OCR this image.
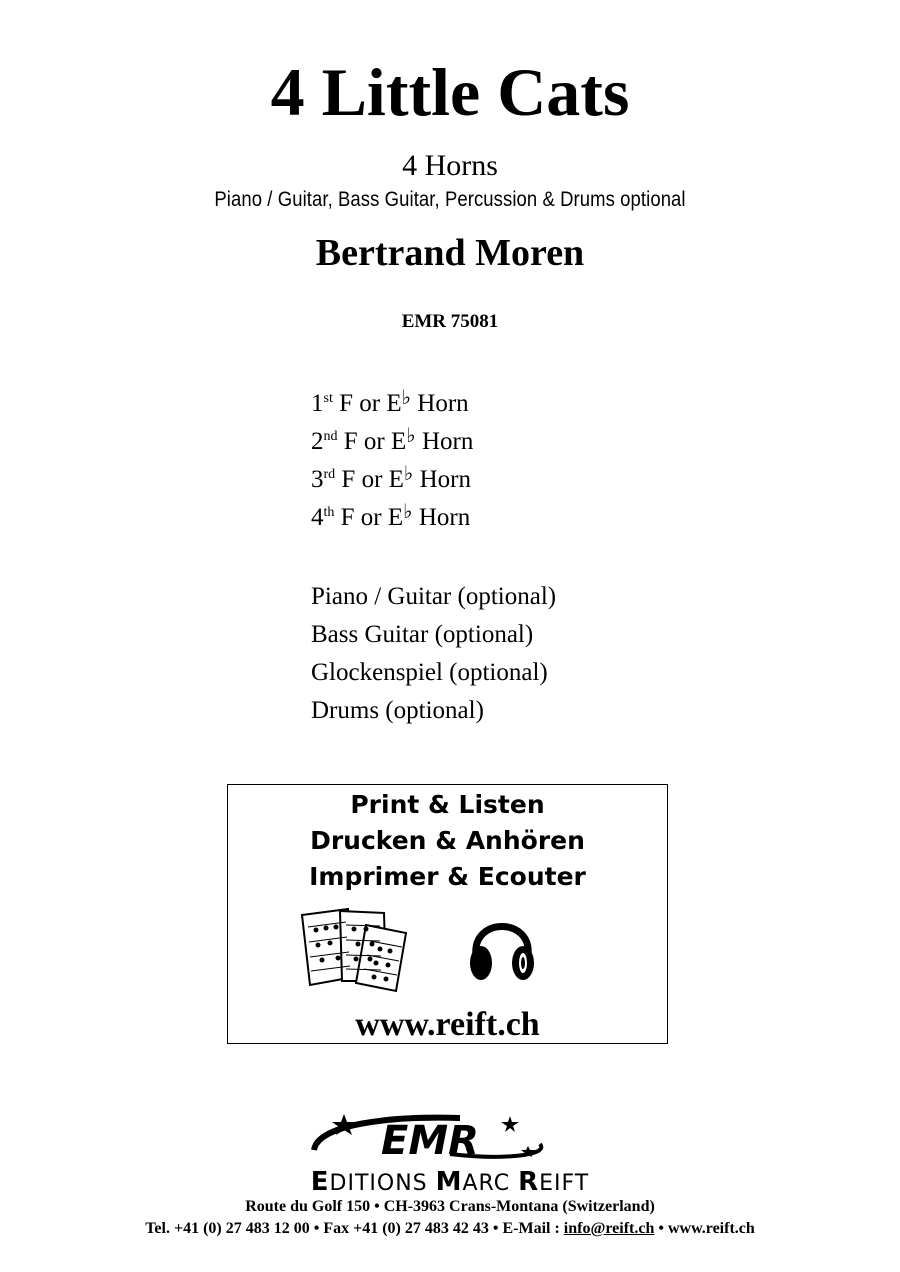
4 Little Cats
4 Horns
Piano / Guitar, Bass Guitar, Percussion & Drums optional
Bertrand Moren
EMR 75081
1st F or E♭ Horn
2nd F or E♭ Horn
3rd F or E♭ Horn
4th F or E♭ Horn
Piano / Guitar (optional)
Bass Guitar (optional)
Glockenspiel (optional)
Drums (optional)
Print & Listen
Drucken & Anhören
Imprimer & Ecouter
www.reift.ch
EMR
EDITIONS MARC REIFT
Route du Golf 150 • CH-3963 Crans-Montana (Switzerland)
Tel. +41 (0) 27 483 12 00 • Fax +41 (0) 27 483 42 43 • E-Mail : info@reift.ch • www.reift.ch
